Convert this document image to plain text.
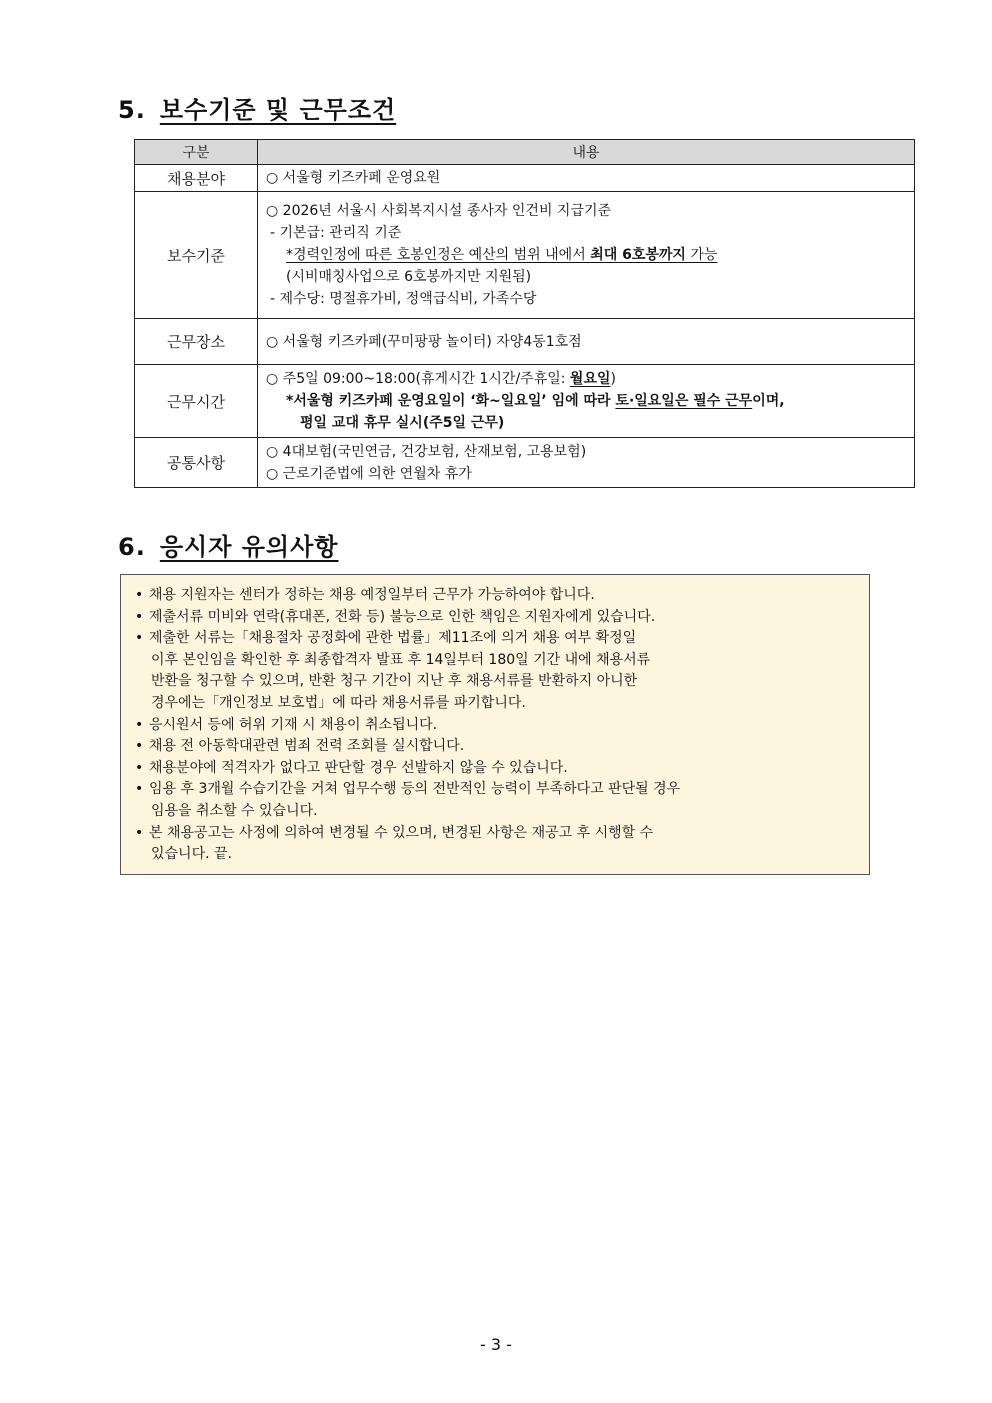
5. 보수기준 및 근무조건
구분	내용
채용분야	○ 서울형 키즈카페 운영요원

보수기준	○ 2026년 서울시 사회복지시설 종사자 인건비 지급기준
- 기본급: 관리직 기준
*경력인정에 따른 호봉인정은 예산의 범위 내에서 최대 6호봉까지 가능
(시비매칭사업으로 6호봉까지만 지원됨)
- 제수당: 명절휴가비, 정액급식비, 가족수당

근무장소	○ 서울형 키즈카페(꾸미팡팡 놀이터) 자양4동1호점

근무시간	○ 주5일 09:00~18:00(휴게시간 1시간/주휴일: 월요일)
*서울형 키즈카페 운영요일이 ‘화~일요일’ 임에 따라 토·일요일은 필수 근무이며,
평일 교대 휴무 실시(주5일 근무)

공통사항	○ 4대보험(국민연금, 건강보험, 산재보험, 고용보험)
○ 근로기준법에 의한 연월차 휴가
6. 응시자 유의사항
• 채용 지원자는 센터가 정하는 채용 예정일부터 근무가 가능하여야 합니다.
• 제출서류 미비와 연락(휴대폰, 전화 등) 불능으로 인한 책임은 지원자에게 있습니다.
• 제출한 서류는「채용절차 공정화에 관한 법률」제11조에 의거 채용 여부 확정일
이후 본인임을 확인한 후 최종합격자 발표 후 14일부터 180일 기간 내에 채용서류
반환을 청구할 수 있으며, 반환 청구 기간이 지난 후 채용서류를 반환하지 아니한
경우에는「개인정보 보호법」에 따라 채용서류를 파기합니다.
• 응시원서 등에 허위 기재 시 채용이 취소됩니다.
• 채용 전 아동학대관련 범죄 전력 조회를 실시합니다.
• 채용분야에 적격자가 없다고 판단할 경우 선발하지 않을 수 있습니다.
• 임용 후 3개월 수습기간을 거쳐 업무수행 등의 전반적인 능력이 부족하다고 판단될 경우
임용을 취소할 수 있습니다.
• 본 채용공고는 사정에 의하여 변경될 수 있으며, 변경된 사항은 재공고 후 시행할 수
있습니다. 끝.
- 3 -
